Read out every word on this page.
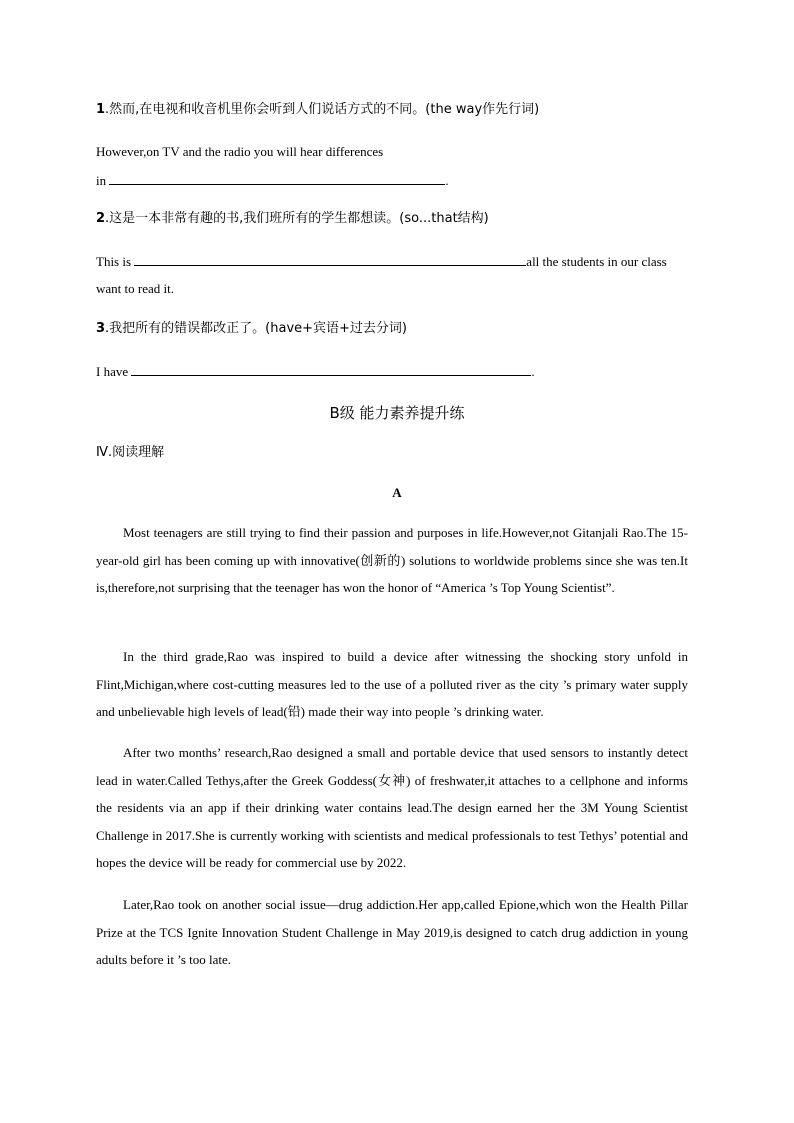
1.然而,在电视和收音机里你会听到人们说话方式的不同。(the way作先行词)
However,on TV and the radio you will hear differences
in	.
2.这是一本非常有趣的书,我们班所有的学生都想读。(so...that结构)
This is	all the students in our class
want to read it.
3.我把所有的错误都改正了。(have+宾语+过去分词)
I have	.
B级 能力素养提升练
Ⅳ.阅读理解
A

Most teenagers are still trying to find their passion and purposes in life.However,not Gitanjali Rao.The 15-year-old girl has been coming up with innovative(创新的) solutions to worldwide problems since she was ten.It is,therefore,not surprising that the teenager has won the honor of “America ’s Top Young Scientist”.

In the third grade,Rao was inspired to build a device after witnessing the shocking story unfold in Flint,Michigan,where cost-cutting measures led to the use of a polluted river as the city ’s primary water supply and unbelievable high levels of lead(铅) made their way into people ’s drinking water.

After two months’ research,Rao designed a small and portable device that used sensors to instantly detect lead in water.Called Tethys,after the Greek Goddess(女神) of freshwater,it attaches to a cellphone and informs the residents via an app if their drinking water contains lead.The design earned her the 3M Young Scientist Challenge in 2017.She is currently working with scientists and medical professionals to test Tethys’ potential and hopes the device will be ready for commercial use by 2022.

Later,Rao took on another social issue—drug addiction.Her app,called Epione,which won the Health Pillar Prize at the TCS Ignite Innovation Student Challenge in May 2019,is designed to catch drug addiction in young adults before it ’s too late.
